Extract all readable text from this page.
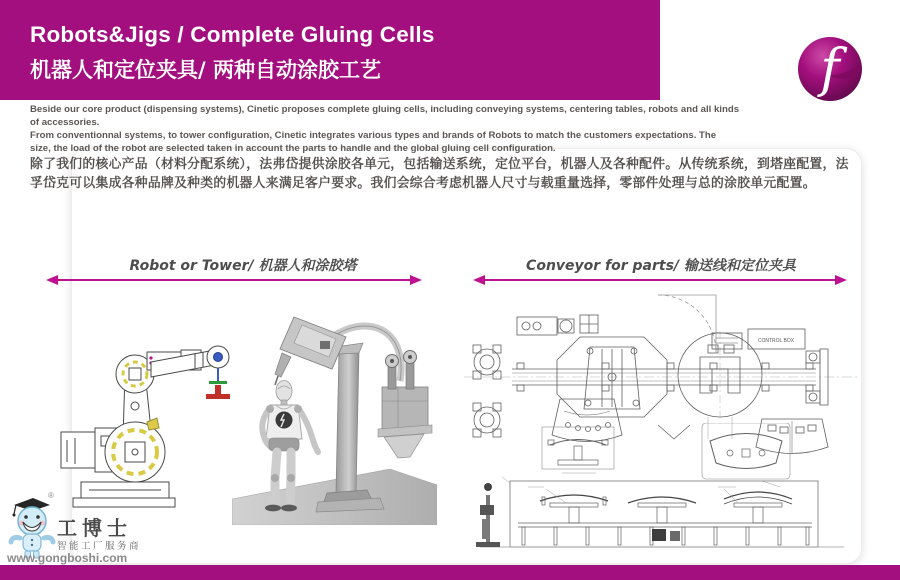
Robots&Jigs / Complete Gluing Cells
机器人和定位夹具/ 两种自动涂胶工艺	f
Beside our core product (dispensing systems), Cinetic proposes complete gluing cells, including conveying systems, centering tables, robots and all kinds
of accessories.
From conventionnal systems, to tower configuration, Cinetic integrates various types and brands of Robots to match the customers expectations. The
size, the load of the robot are selected taken in account the parts to handle and the global gluing cell configuration.
除了我们的核心产品（材料分配系统），法弗岱提供涂胶各单元，包括输送系统，定位平台，机器人及各种配件。从传统系统，到塔座配置，法
孚岱克可以集成各种品牌及种类的机器人来满足客户要求。我们会综合考虑机器人尺寸与载重量选择，零部件处理与总的涂胶单元配置。
Robot or Tower/ 机器人和涂胶塔	Conveyor for parts/ 输送线和定位夹具
CONTROL BOX
®
工博士
智能工厂服务商
www.gongboshi.com
